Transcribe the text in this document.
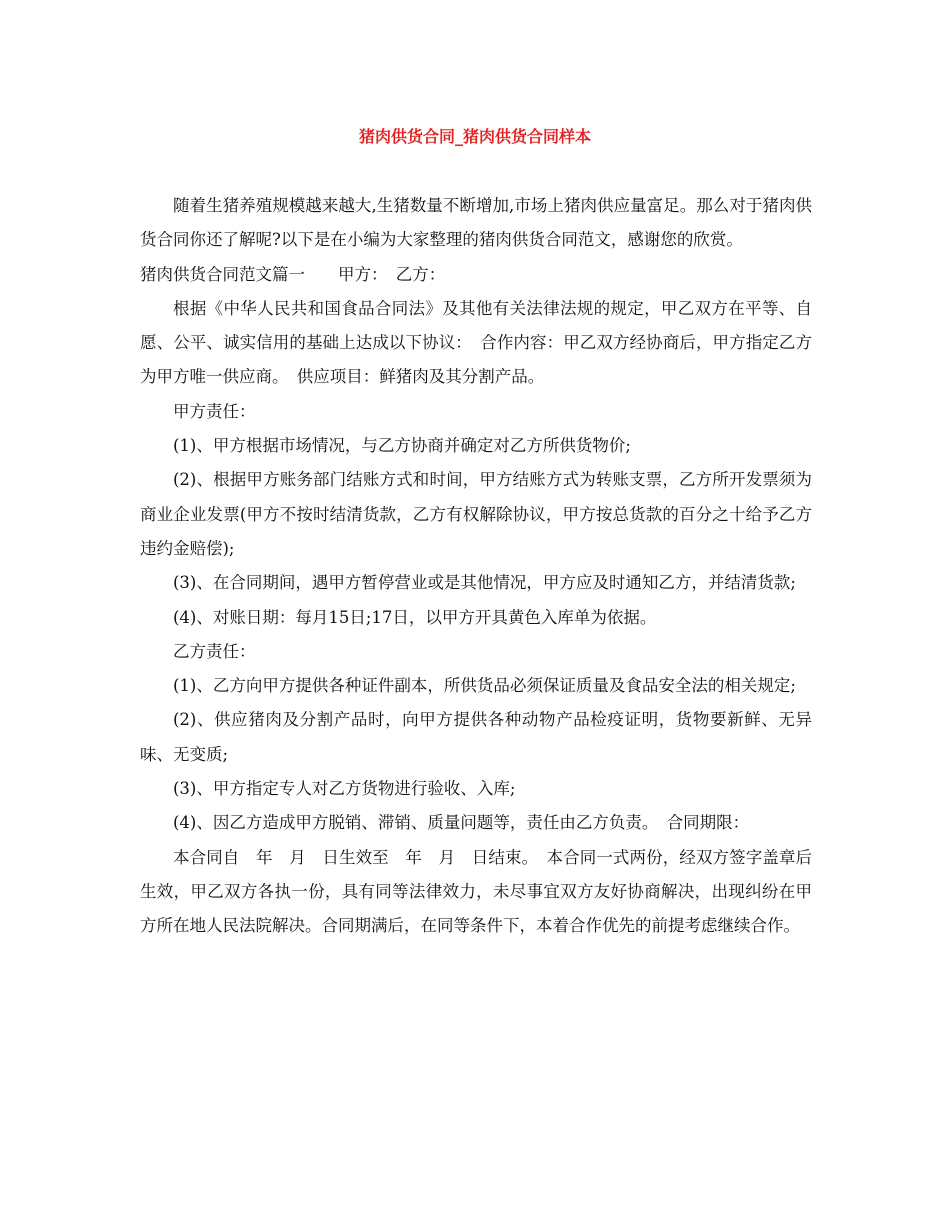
猪肉供货合同_猪肉供货合同样本

随着生猪养殖规模越来越大,生猪数量不断增加,市场上猪肉供应量富足。那么对于猪肉供货合同你还了解呢?以下是在小编为大家整理的猪肉供货合同范文，感谢您的欣赏。

猪肉供货合同范文篇一　　甲方：　乙方：

根据《中华人民共和国食品合同法》及其他有关法律法规的规定，甲乙双方在平等、自愿、公平、诚实信用的基础上达成以下协议：　合作内容：甲乙双方经协商后，甲方指定乙方为甲方唯一供应商。　供应项目：鲜猪肉及其分割产品。

甲方责任：

(1)、甲方根据市场情况，与乙方协商并确定对乙方所供货物价;

(2)、根据甲方账务部门结账方式和时间，甲方结账方式为转账支票，乙方所开发票须为商业企业发票(甲方不按时结清货款，乙方有权解除协议，甲方按总货款的百分之十给予乙方违约金赔偿);

(3)、在合同期间，遇甲方暂停营业或是其他情况，甲方应及时通知乙方，并结清货款;

(4)、对账日期：每月15日;17日，以甲方开具黄色入库单为依据。

乙方责任：

(1)、乙方向甲方提供各种证件副本，所供货品必须保证质量及食品安全法的相关规定;

(2)、供应猪肉及分割产品时，向甲方提供各种动物产品检疫证明，货物要新鲜、无异味、无变质;

(3)、甲方指定专人对乙方货物进行验收、入库;

(4)、因乙方造成甲方脱销、滞销、质量问题等，责任由乙方负责。　合同期限：

本合同自　年　月　日生效至　年　月　日结束。　本合同一式两份，经双方签字盖章后生效，甲乙双方各执一份，具有同等法律效力，未尽事宜双方友好协商解决，出现纠纷在甲方所在地人民法院解决。合同期满后，在同等条件下，本着合作优先的前提考虑继续合作。
